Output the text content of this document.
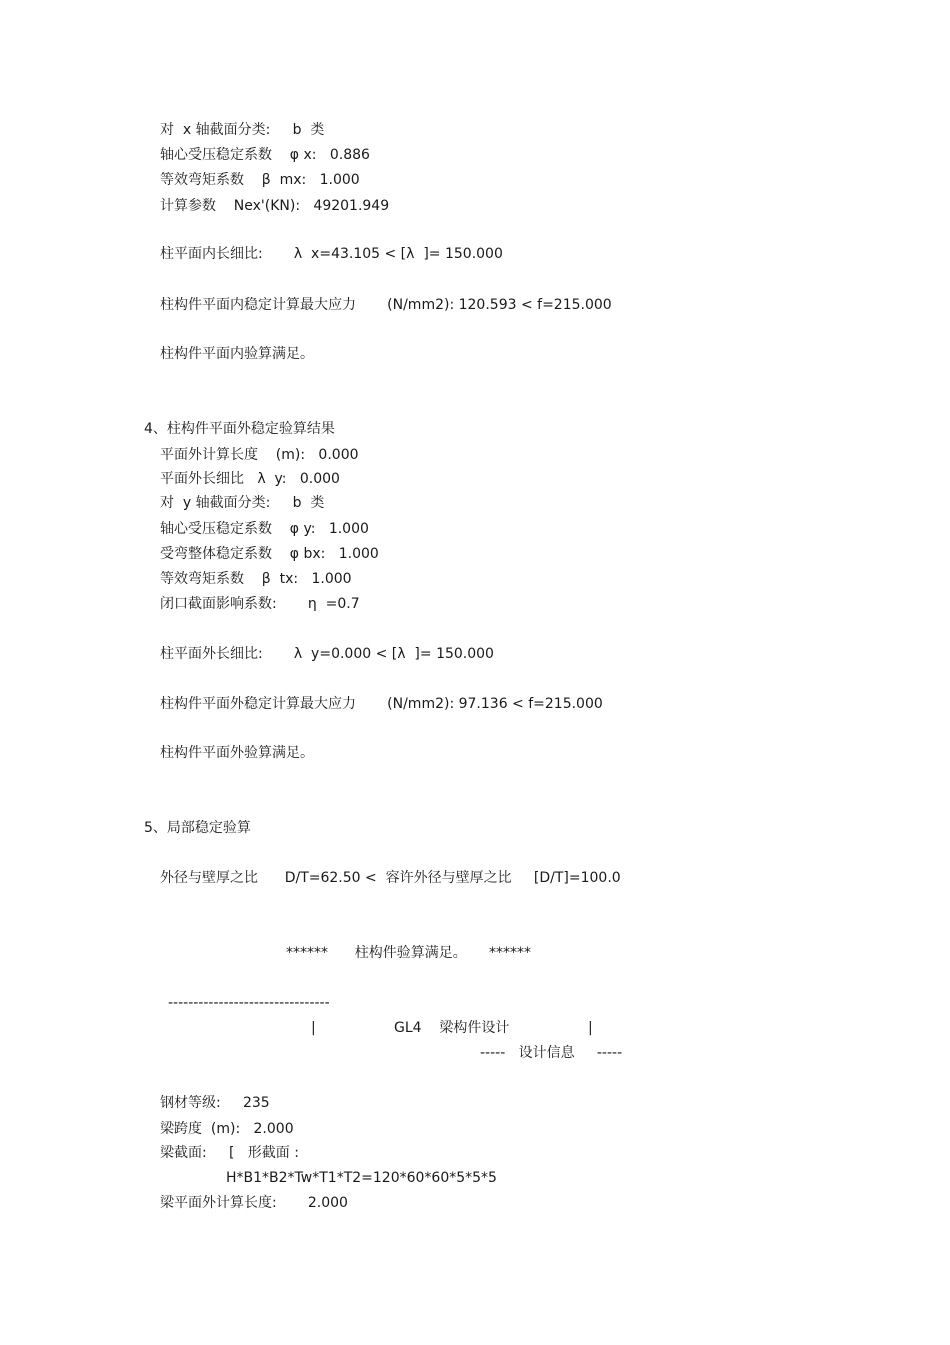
对  x 轴截面分类:     b  类
轴心受压稳定系数    φ x:   0.886
等效弯矩系数    β  mx:   1.000
计算参数    Nex'(KN):   49201.949
柱平面内长细比:       λ  x=43.105 < [λ  ]= 150.000
柱构件平面内稳定计算最大应力       (N/mm2): 120.593 < f=215.000
柱构件平面内验算满足。
4、柱构件平面外稳定验算结果
平面外计算长度    (m):   0.000
平面外长细比   λ  y:   0.000
对  y 轴截面分类:     b  类
轴心受压稳定系数    φ y:   1.000
受弯整体稳定系数    φ bx:   1.000
等效弯矩系数    β  tx:   1.000
闭口截面影响系数:       η  =0.7
柱平面外长细比:       λ  y=0.000 < [λ  ]= 150.000
柱构件平面外稳定计算最大应力       (N/mm2): 97.136 < f=215.000
柱构件平面外验算满足。
5、局部稳定验算
外径与壁厚之比      D/T=62.50 <  容许外径与壁厚之比     [D/T]=100.0
******      柱构件验算满足。     ******
--------------------------------
|	GL4    梁构件设计	|
-----   设计信息     -----
钢材等级:     235
梁跨度  (m):   2.000
梁截面:     [   形截面 :
H*B1*B2*Tw*T1*T2=120*60*60*5*5*5
梁平面外计算长度:       2.000
